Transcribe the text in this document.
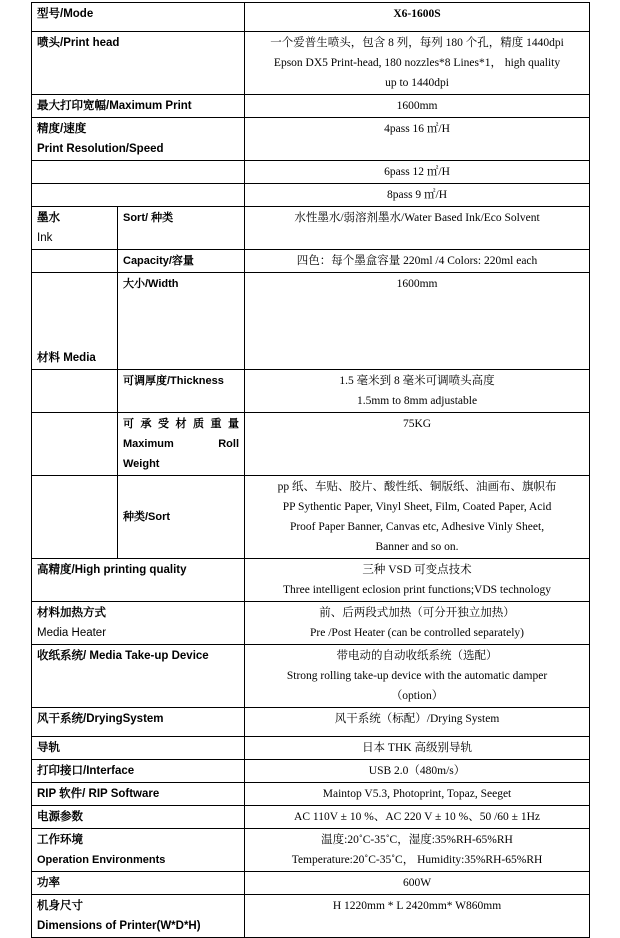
型号/Mode		X6-1600S
喷头/Print head		一个爱普生喷头，包含 8 列，每列 180 个孔，精度 1440dpi
Epson DX5 Print-head, 180 nozzles*8 Lines*1， high quality
up to 1440dpi

最大打印宽幅/Maximum Print		1600mm

精度/速度
Print Resolution/Speed		4pass 16 ㎡/H
		6pass 12 ㎡/H
		8pass 9 ㎡/H

墨水
Ink	Sort/ 种类	水性墨水/弱溶剂墨水/Water Based Ink/Eco Solvent
	Capacity/容量	四色：每个墨盒容量 220ml /4 Colors: 220ml each
材料 Media	大小/Width	1600mm
	可调厚度/Thickness	1.5 毫米到 8 毫米可调喷头高度
1.5mm to 8mm adjustable

	可 承 受 材 质 重 量
Maximum Roll
Weight	75KG
	种类/Sort	pp 纸、车贴、胶片、酸性纸、铜版纸、油画布、旗帜布
PP Sythentic Paper, Vinyl Sheet, Film, Coated Paper, Acid
Proof Paper Banner, Canvas etc, Adhesive Vinly Sheet,
Banner and so on.

高精度/High printing quality		三种 VSD 可变点技术
Three intelligent eclosion print functions;VDS technology

材料加热方式
Media Heater		前、后两段式加热（可分开独立加热）
Pre /Post Heater (can be controlled separately)

收纸系统/ Media Take-up Device		带电动的自动收纸系统（选配）
Strong rolling take-up device with the automatic damper
（option）

风干系统/DryingSystem		风干系统（标配）/Drying System
导轨		日本 THK 高级别导轨
打印接口/Interface		USB 2.0（480m/s）
RIP 软件/ RIP Software		Maintop V5.3, Photoprint, Topaz, Seeget
电源参数		AC 110V ± 10 %、AC 220 V ± 10 %、50 /60 ± 1Hz

工作环境
Operation Environments		温度:20˚C-35˚C，湿度:35%RH-65%RH
Temperature:20˚C-35˚C， Humidity:35%RH-65%RH

功率		600W

机身尺寸
Dimensions of Printer(W*D*H)		H 1220mm * L 2420mm* W860mm
